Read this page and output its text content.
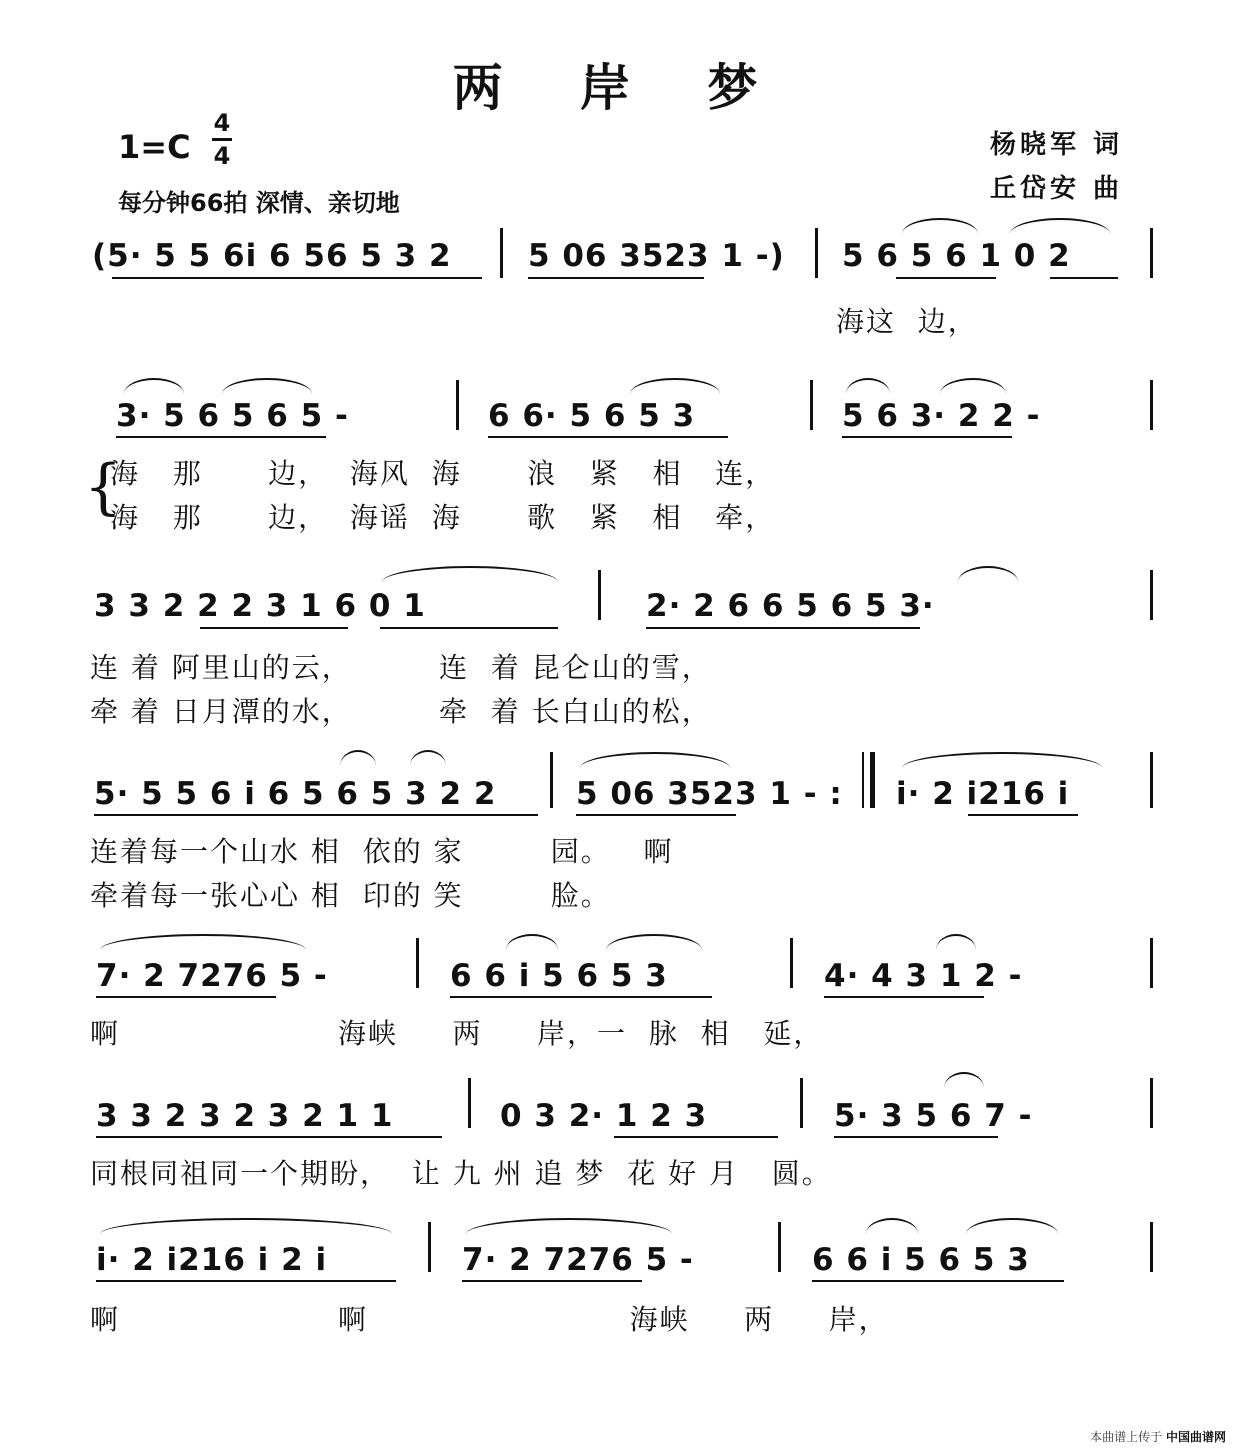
两 岸 梦
1=C
4
4
每分钟66拍 深情、亲切地
杨晓军 词
丘岱安 曲
(5· 5 5 6i 6 56 5 3 2 5 06 3523 1 -) 5 6 5 6 1 0 2
海这  边，
3· 5 6 5 6 5 -	6 6· 5 6 5 3	5 6 3· 2 2 -
{
海   那      边，  海风  海      浪   紧   相   连，
海   那      边，  海谣  海      歌   紧   相   牵，
3 3 2 2 2 3 1 6 0 1	2· 2 6 6 5 6 5 3·
连 着 阿里山的云，        连  着 昆仑山的雪，
牵 着 日月潭的水，        牵  着 长白山的松，
5· 5 5 6 i 6 5 6 5 3 2 2	5 06 3523 1 - : i· 2 i216 i
连着每一个山水 相  依的 家        园。   啊
牵着每一张心心 相  印的 笑        脸。
7· 2 7276 5 -	6 6 i 5 6 5 3	4· 4 3 1 2 -
啊                    海峡     两     岸，一  脉  相   延，
3 3 2 3 2 3 2 1 1	0 3 2· 1 2 3	5· 3 5 6 7 -
同根同祖同一个期盼，  让 九 州 追 梦  花 好 月   圆。
i· 2 i216 i 2 i	7· 2 7276 5 -	6 6 i 5 6 5 3
啊                    啊                        海峡     两     岸，
本曲谱上传于 中国曲谱网
